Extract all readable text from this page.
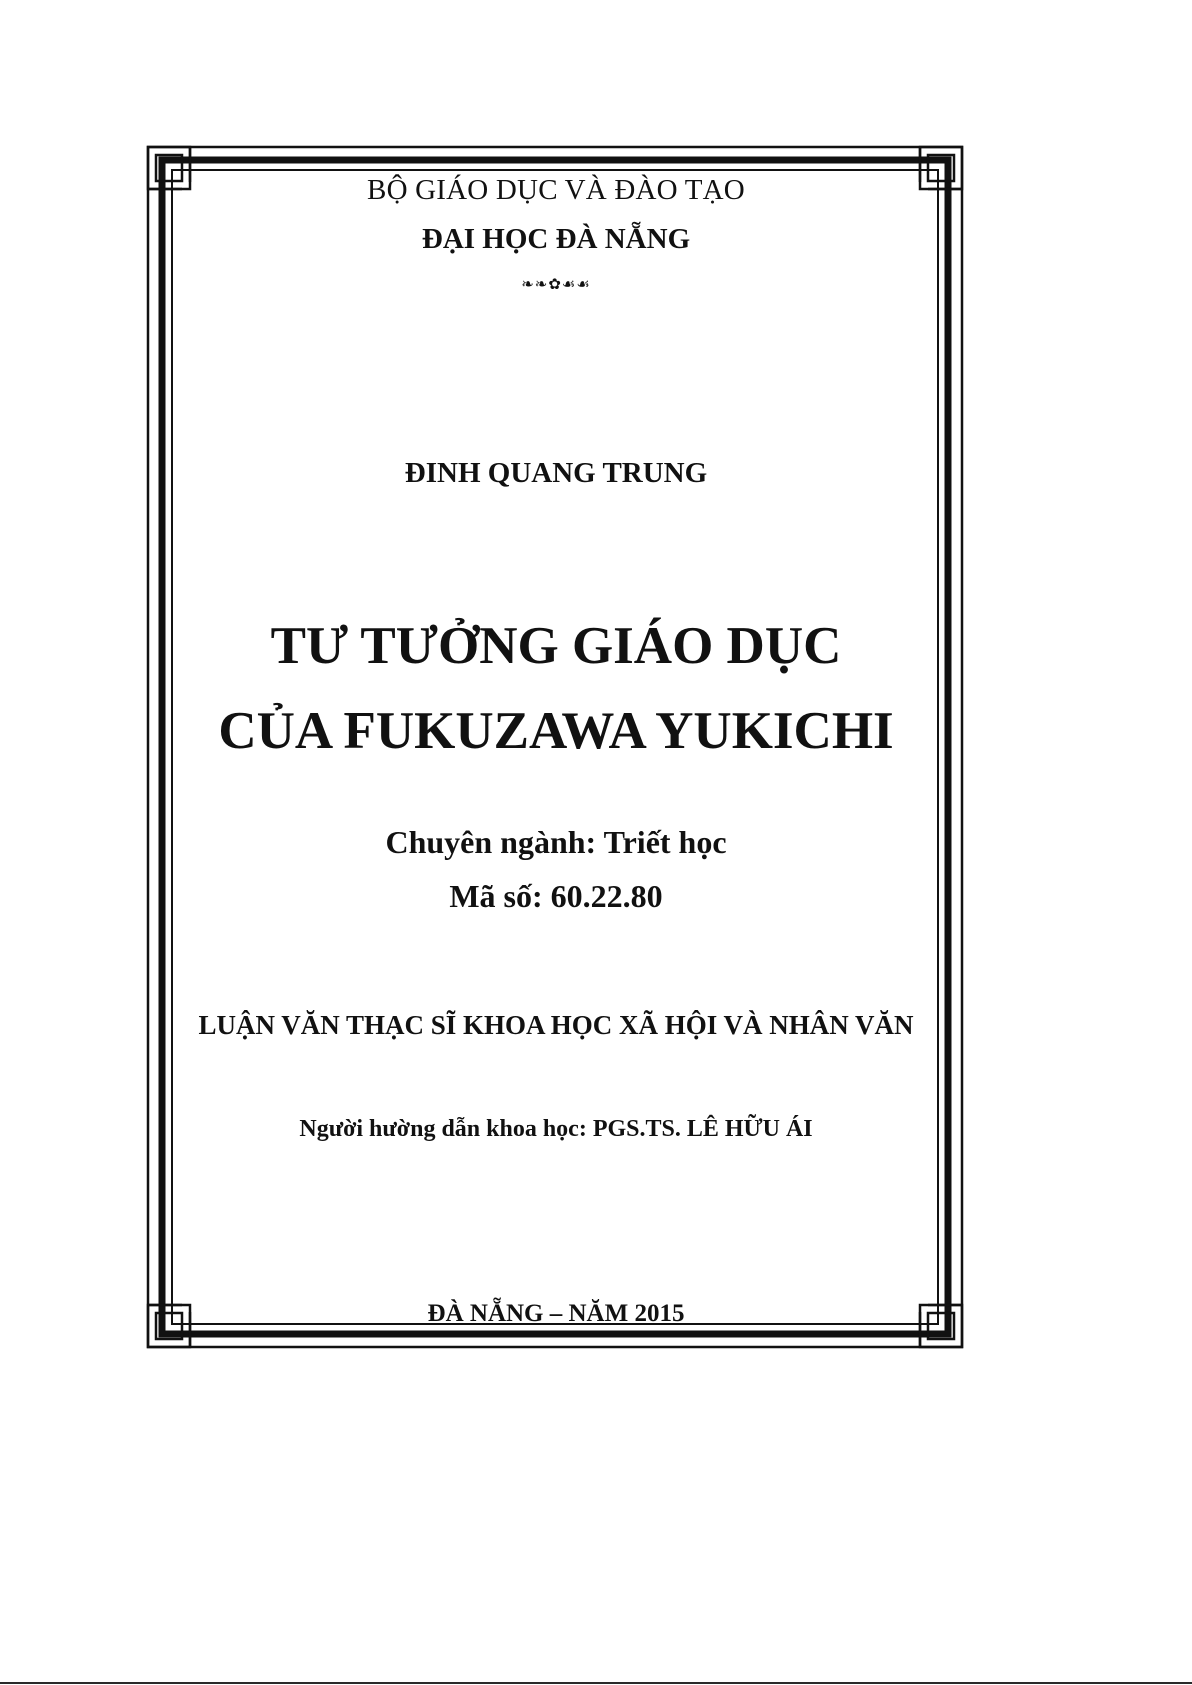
BỘ GIÁO DỤC VÀ ĐÀO TẠO
ĐẠI HỌC ĐÀ NẴNG
❧❧✿☙☙
ĐINH QUANG TRUNG
TƯ TƯỞNG GIÁO DỤC
CỦA FUKUZAWA YUKICHI
Chuyên ngành: Triết học
Mã số: 60.22.80
LUẬN VĂN THẠC SĨ KHOA HỌC XÃ HỘI VÀ NHÂN VĂN
Người hường dẫn khoa học: PGS.TS. LÊ HỮU ÁI
ĐÀ NẴNG – NĂM 2015
